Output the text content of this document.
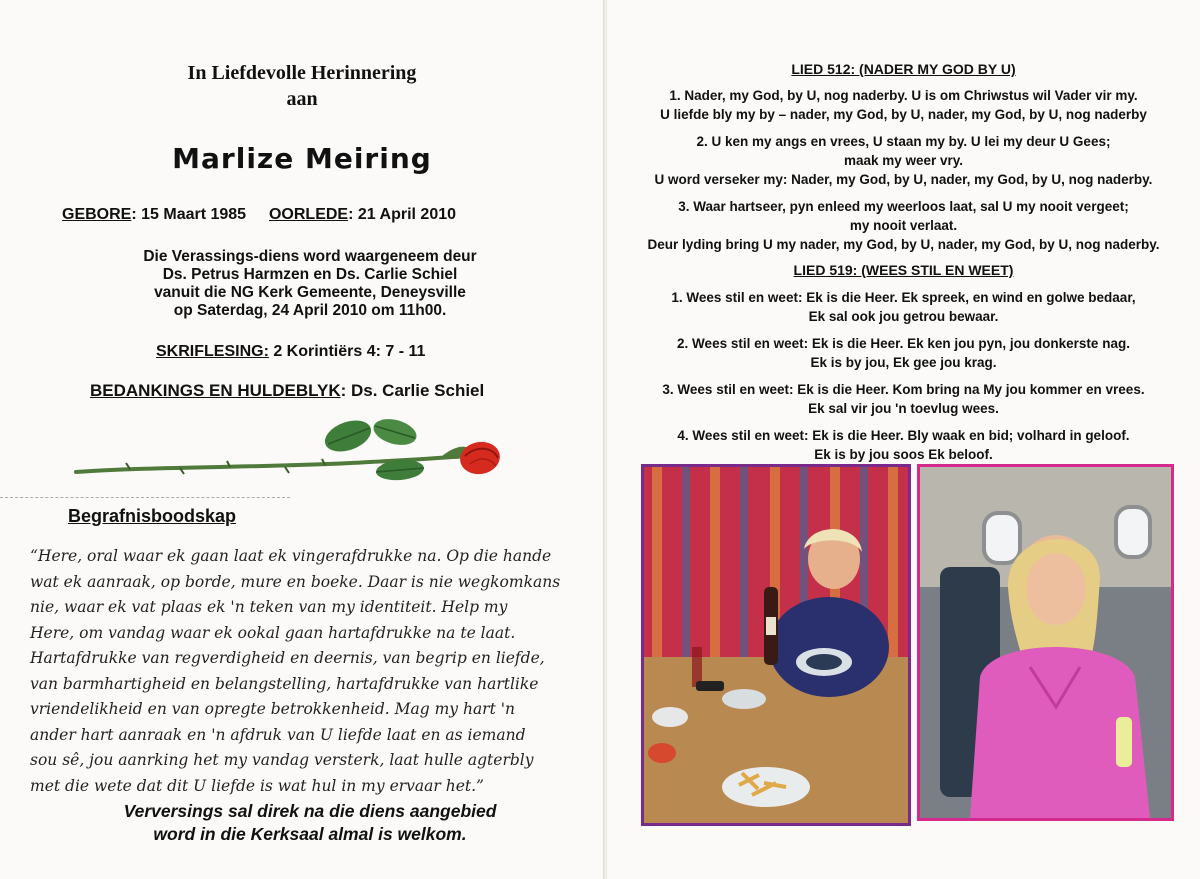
In Liefdevolle Herinnering
aan
Marlize Meiring
GEBORE: 15 Maart 1985 OORLEDE: 21 April 2010
Die Verassings-diens word waargeneem deur
Ds. Petrus Harmzen en Ds. Carlie Schiel
vanuit die NG Kerk Gemeente, Deneysville
op Saterdag, 24 April 2010 om 11h00.
SKRIFLESING: 2 Korintiërs 4: 7 - 11
BEDANKINGS EN HULDEBLYK: Ds. Carlie Schiel
Begrafnisboodskap
“Here, oral waar ek gaan laat ek vingerafdrukke na. Op die hande
wat ek aanraak, op borde, mure en boeke. Daar is nie wegkomkans
nie, waar ek vat plaas ek 'n teken van my identiteit. Help my
Here, om vandag waar ek ookal gaan hartafdrukke na te laat.
Hartafdrukke van regverdigheid en deernis, van begrip en liefde,
van barmhartigheid en belangstelling, hartafdrukke van hartlike
vriendelikheid en van opregte betrokkenheid. Mag my hart 'n
ander hart aanraak en 'n afdruk van U liefde laat en as iemand
sou sê, jou aanrking het my vandag versterk, laat hulle agterbly
met die wete dat dit U liefde is wat hul in my ervaar het.”
Verversings sal direk na die diens aangebied
word in die Kerksaal almal is welkom.
LIED 512: (NADER MY GOD BY U)
1. Nader, my God, by U, nog naderby. U is om Chriwstus wil Vader vir my.
U liefde bly my by – nader, my God, by U, nader, my God, by U, nog naderby
2. U ken my angs en vrees, U staan my by. U lei my deur U Gees;
maak my weer vry.
U word verseker my: Nader, my God, by U, nader, my God, by U, nog naderby.
3. Waar hartseer, pyn enleed my weerloos laat, sal U my nooit vergeet;
my nooit verlaat.
Deur lyding bring U my nader, my God, by U, nader, my God, by U, nog naderby.
LIED 519: (WEES STIL EN WEET)
1. Wees stil en weet: Ek is die Heer. Ek spreek, en wind en golwe bedaar,
Ek sal ook jou getrou bewaar.
2. Wees stil en weet: Ek is die Heer. Ek ken jou pyn, jou donkerste nag.
Ek is by jou, Ek gee jou krag.
3. Wees stil en weet: Ek is die Heer. Kom bring na My jou kommer en vrees.
Ek sal vir jou 'n toevlug wees.
4. Wees stil en weet: Ek is die Heer. Bly waak en bid; volhard in geloof.
Ek is by jou soos Ek beloof.
